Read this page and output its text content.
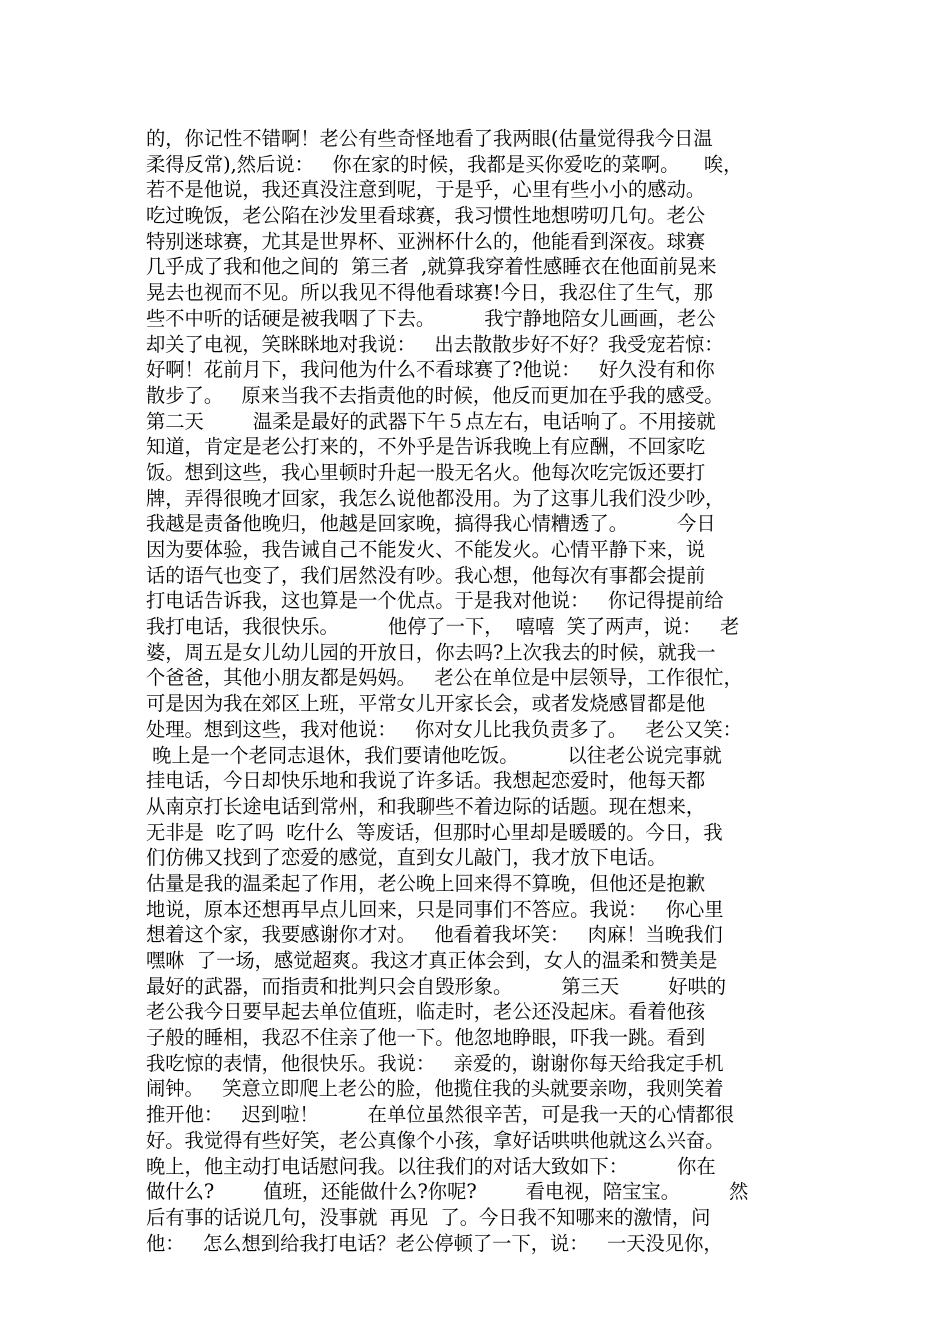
的，你记性不错啊！老公有些奇怪地看了我两眼(估量觉得我今日温
柔得反常),然后说：   你在家的时候，我都是买你爱吃的菜啊。    唉，
若不是他说，我还真没注意到呢，于是乎，心里有些小小的感动。
吃过晚饭，老公陷在沙发里看球赛，我习惯性地想唠叨几句。老公
特别迷球赛，尤其是世界杯、亚洲杯什么的，他能看到深夜。球赛
几乎成了我和他之间的  第三者  ,就算我穿着性感睡衣在他面前晃来
晃去也视而不见。所以我见不得他看球赛!今日，我忍住了生气，那
些不中听的话硬是被我咽了下去。        我宁静地陪女儿画画，老公
却关了电视，笑眯眯地对我说：   出去散散步好不好？我受宠若惊：
好啊！花前月下，我问他为什么不看球赛了?他说：   好久没有和你
散步了。   原来当我不去指责他的时候，他反而更加在乎我的感受。
第二天        温柔是最好的武器下午５点左右，电话响了。不用接就
知道，肯定是老公打来的，不外乎是告诉我晚上有应酬，不回家吃
饭。想到这些，我心里顿时升起一股无名火。他每次吃完饭还要打
牌，弄得很晚才回家，我怎么说他都没用。为了这事儿我们没少吵，
我越是责备他晚归，他越是回家晚，搞得我心情糟透了。        今日
因为要体验，我告诫自己不能发火、不能发火。心情平静下来，说
话的语气也变了，我们居然没有吵。我心想，他每次有事都会提前
打电话告诉我，这也算是一个优点。于是我对他说：   你记得提前给
我打电话，我很快乐。        他停了一下，  嘻嘻  笑了两声，说：   老
婆，周五是女儿幼儿园的开放日，你去吗?上次我去的时候，就我一
个爸爸，其他小朋友都是妈妈。   老公在单位是中层领导，工作很忙，
可是因为我在郊区上班，平常女儿开家长会，或者发烧感冒都是他
处理。想到这些，我对他说：   你对女儿比我负责多了。   老公又笑：
晚上是一个老同志退休，我们要请他吃饭。        以往老公说完事就
挂电话，今日却快乐地和我说了许多话。我想起恋爱时，他每天都
从南京打长途电话到常州，和我聊些不着边际的话题。现在想来，
无非是  吃了吗  吃什么  等废话，但那时心里却是暖暖的。今日，我
们仿佛又找到了恋爱的感觉，直到女儿敲门，我才放下电话。
估量是我的温柔起了作用，老公晚上回来得不算晚，但他还是抱歉
地说，原本还想再早点儿回来，只是同事们不答应。我说：   你心里
想着这个家，我要感谢你才对。   他看着我坏笑：   肉麻！当晚我们
嘿咻  了一场，感觉超爽。我这才真正体会到，女人的温柔和赞美是
最好的武器，而指责和批判只会自毁形象。        第三天        好哄的
老公我今日要早起去单位值班，临走时，老公还没起床。看着他孩
子般的睡相，我忍不住亲了他一下。他忽地睁眼，吓我一跳。看到
我吃惊的表情，他很快乐。我说：   亲爱的，谢谢你每天给我定手机
闹钟。   笑意立即爬上老公的脸，他揽住我的头就要亲吻，我则笑着
推开他：   迟到啦！        在单位虽然很辛苦，可是我一天的心情都很
好。我觉得有些好笑，老公真像个小孩，拿好话哄哄他就这么兴奋。
晚上，他主动打电话慰问我。以往我们的对话大致如下：        你在
做什么?        值班，还能做什么?你呢?        看电视，陪宝宝。        然
后有事的话说几句，没事就  再见  了。今日我不知哪来的激情，问
他：   怎么想到给我打电话？老公停顿了一下，说：   一天没见你，
